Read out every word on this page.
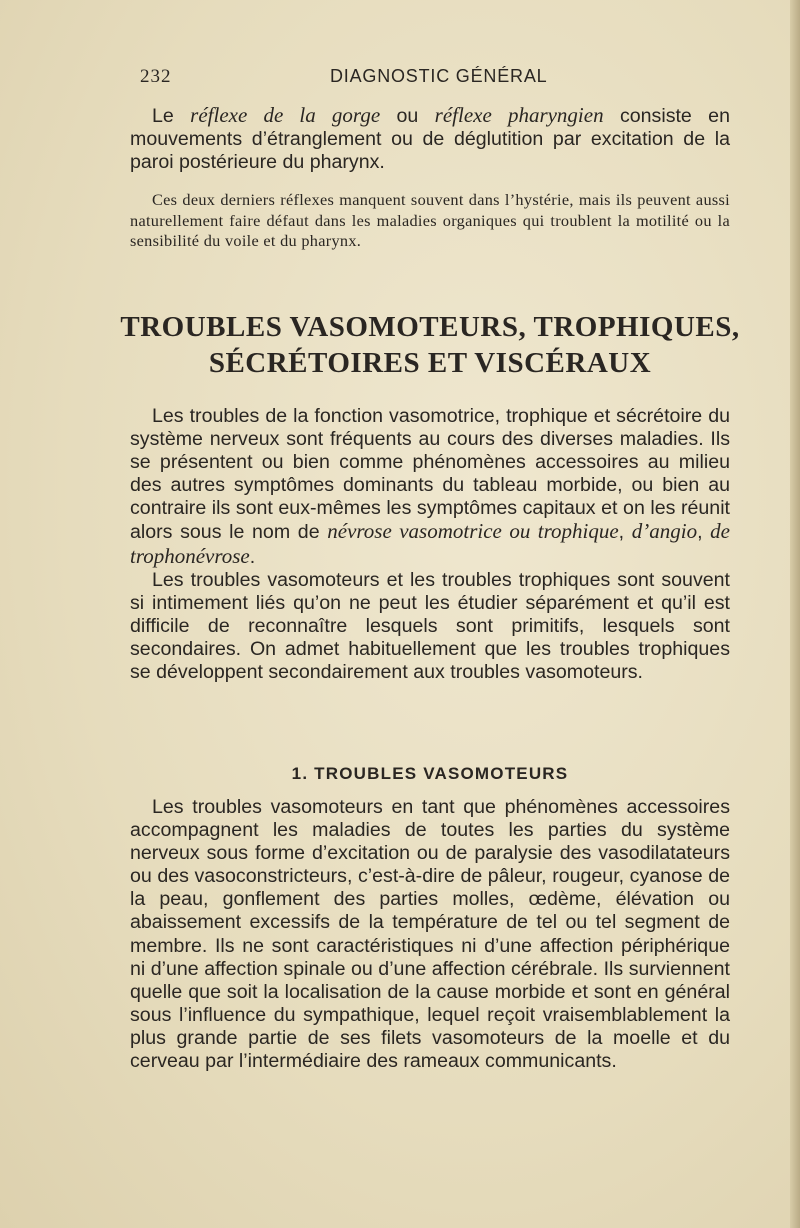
232	DIAGNOSTIC GÉNÉRAL

Le réflexe de la gorge ou réflexe pharyngien consiste en mouvements d’étranglement ou de déglutition par excitation de la paroi postérieure du pharynx.

Ces deux derniers réflexes manquent souvent dans l’hystérie, mais ils peuvent aussi naturellement faire défaut dans les maladies organiques qui troublent la motilité ou la sensibilité du voile et du pharynx.

TROUBLES VASOMOTEURS, TROPHIQUES,
SÉCRÉTOIRES ET VISCÉRAUX

Les troubles de la fonction vasomotrice, trophique et sécrétoire du système nerveux sont fréquents au cours des diverses maladies. Ils se présentent ou bien comme phénomènes accessoires au milieu des autres symptômes dominants du tableau morbide, ou bien au contraire ils sont eux-mêmes les symptômes capitaux et on les réunit alors sous le nom de névrose vasomotrice ou trophique, d’angio, de trophonévrose.

Les troubles vasomoteurs et les troubles trophiques sont souvent si intimement liés qu’on ne peut les étudier séparément et qu’il est difficile de reconnaître lesquels sont primitifs, lesquels sont secondaires. On admet habituellement que les troubles trophiques se développent secondairement aux troubles vasomoteurs.

1. TROUBLES VASOMOTEURS

Les troubles vasomoteurs en tant que phénomènes accessoires accompagnent les maladies de toutes les parties du système nerveux sous forme d’excitation ou de paralysie des vasodilatateurs ou des vasoconstricteurs, c’est-à-dire de pâleur, rougeur, cyanose de la peau, gonflement des parties molles, œdème, élévation ou abaissement excessifs de la température de tel ou tel segment de membre. Ils ne sont caractéristiques ni d’une affection périphérique ni d’une affection spinale ou d’une affection cérébrale. Ils surviennent quelle que soit la localisation de la cause morbide et sont en général sous l’influence du sympathique, lequel reçoit vraisemblablement la plus grande partie de ses filets vasomoteurs de la moelle et du cerveau par l’intermédiaire des rameaux communicants.
